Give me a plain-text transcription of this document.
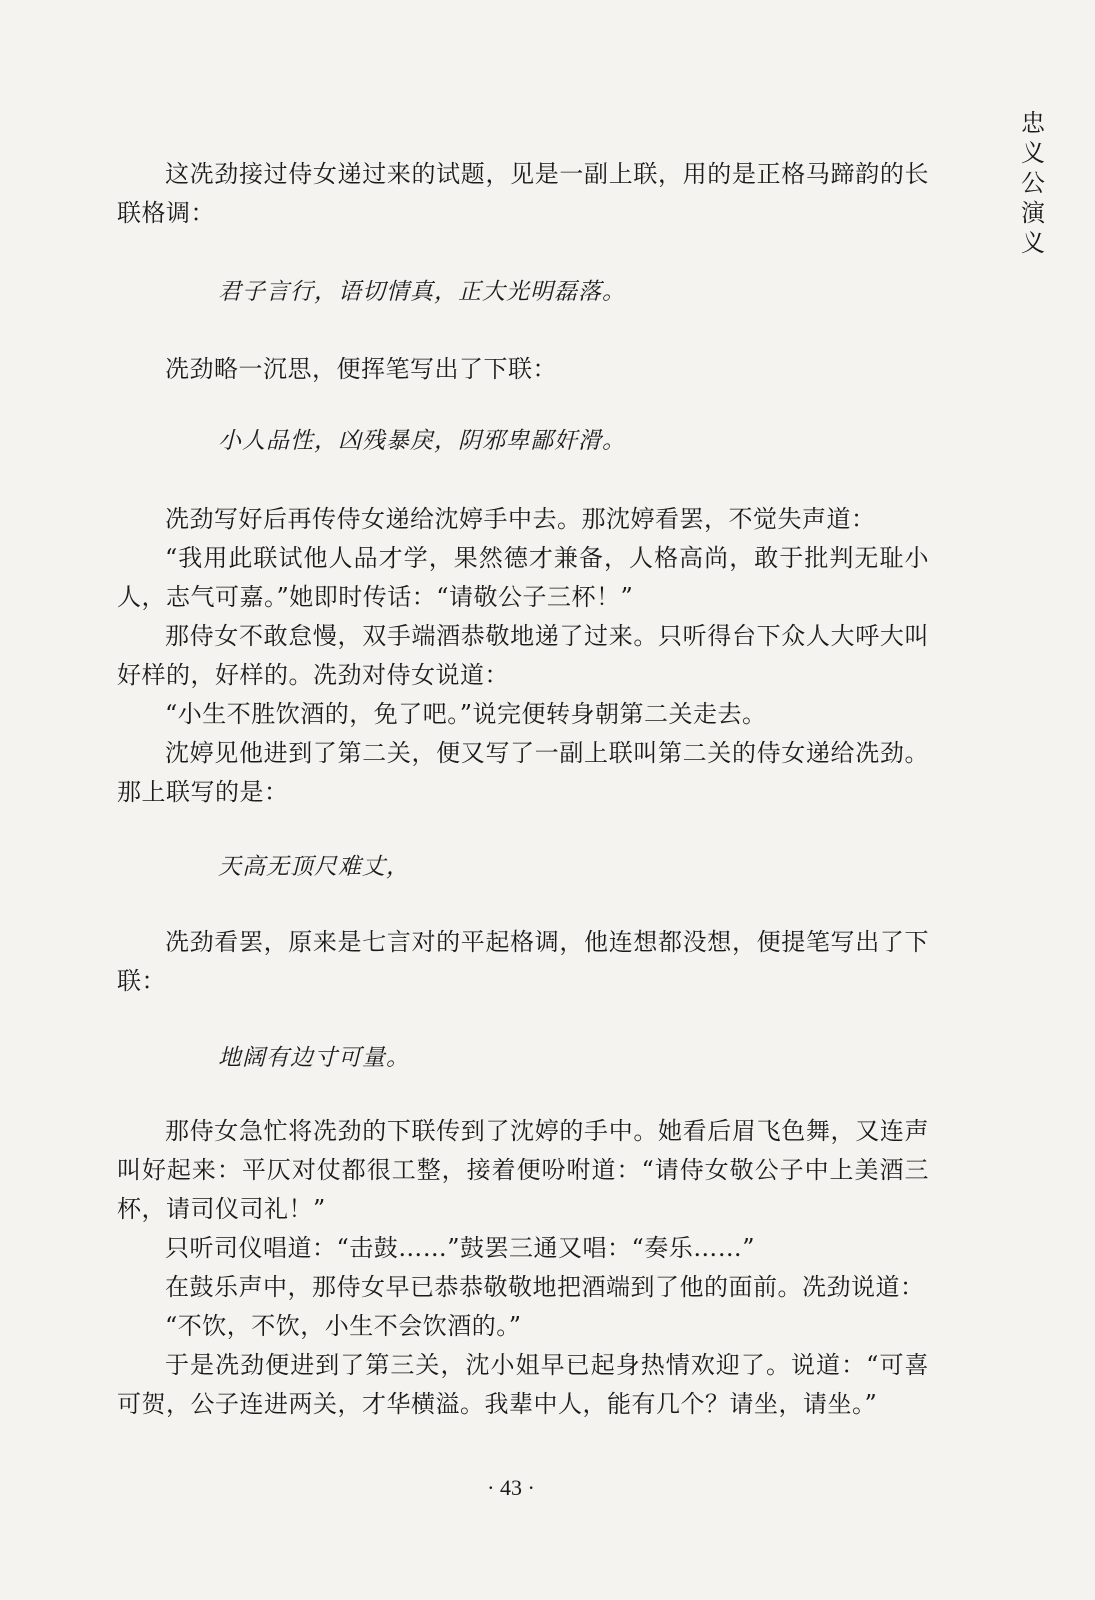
忠
义
公
演
义

这冼劲接过侍女递过来的试题，见是一副上联，用的是正格马蹄韵的长联格调：

君子言行，语切情真，正大光明磊落。

冼劲略一沉思，便挥笔写出了下联：

小人品性，凶残暴戾，阴邪卑鄙奸滑。

冼劲写好后再传侍女递给沈婷手中去。那沈婷看罢，不觉失声道：

“我用此联试他人品才学，果然德才兼备，人格高尚，敢于批判无耻小人，志气可嘉。”她即时传话：“请敬公子三杯！”

那侍女不敢怠慢，双手端酒恭敬地递了过来。只听得台下众人大呼大叫好样的，好样的。冼劲对侍女说道：

“小生不胜饮酒的，免了吧。”说完便转身朝第二关走去。

沈婷见他进到了第二关，便又写了一副上联叫第二关的侍女递给冼劲。那上联写的是：

天高无顶尺难丈，

冼劲看罢，原来是七言对的平起格调，他连想都没想，便提笔写出了下联：

地阔有边寸可量。

那侍女急忙将冼劲的下联传到了沈婷的手中。她看后眉飞色舞，又连声叫好起来：平仄对仗都很工整，接着便吩咐道：“请侍女敬公子中上美酒三杯，请司仪司礼！”

只听司仪唱道：“击鼓……”鼓罢三通又唱：“奏乐……”

在鼓乐声中，那侍女早已恭恭敬敬地把酒端到了他的面前。冼劲说道：

“不饮，不饮，小生不会饮酒的。”

于是冼劲便进到了第三关，沈小姐早已起身热情欢迎了。说道：“可喜可贺，公子连进两关，才华横溢。我辈中人，能有几个？请坐，请坐。”

· 43 ·
